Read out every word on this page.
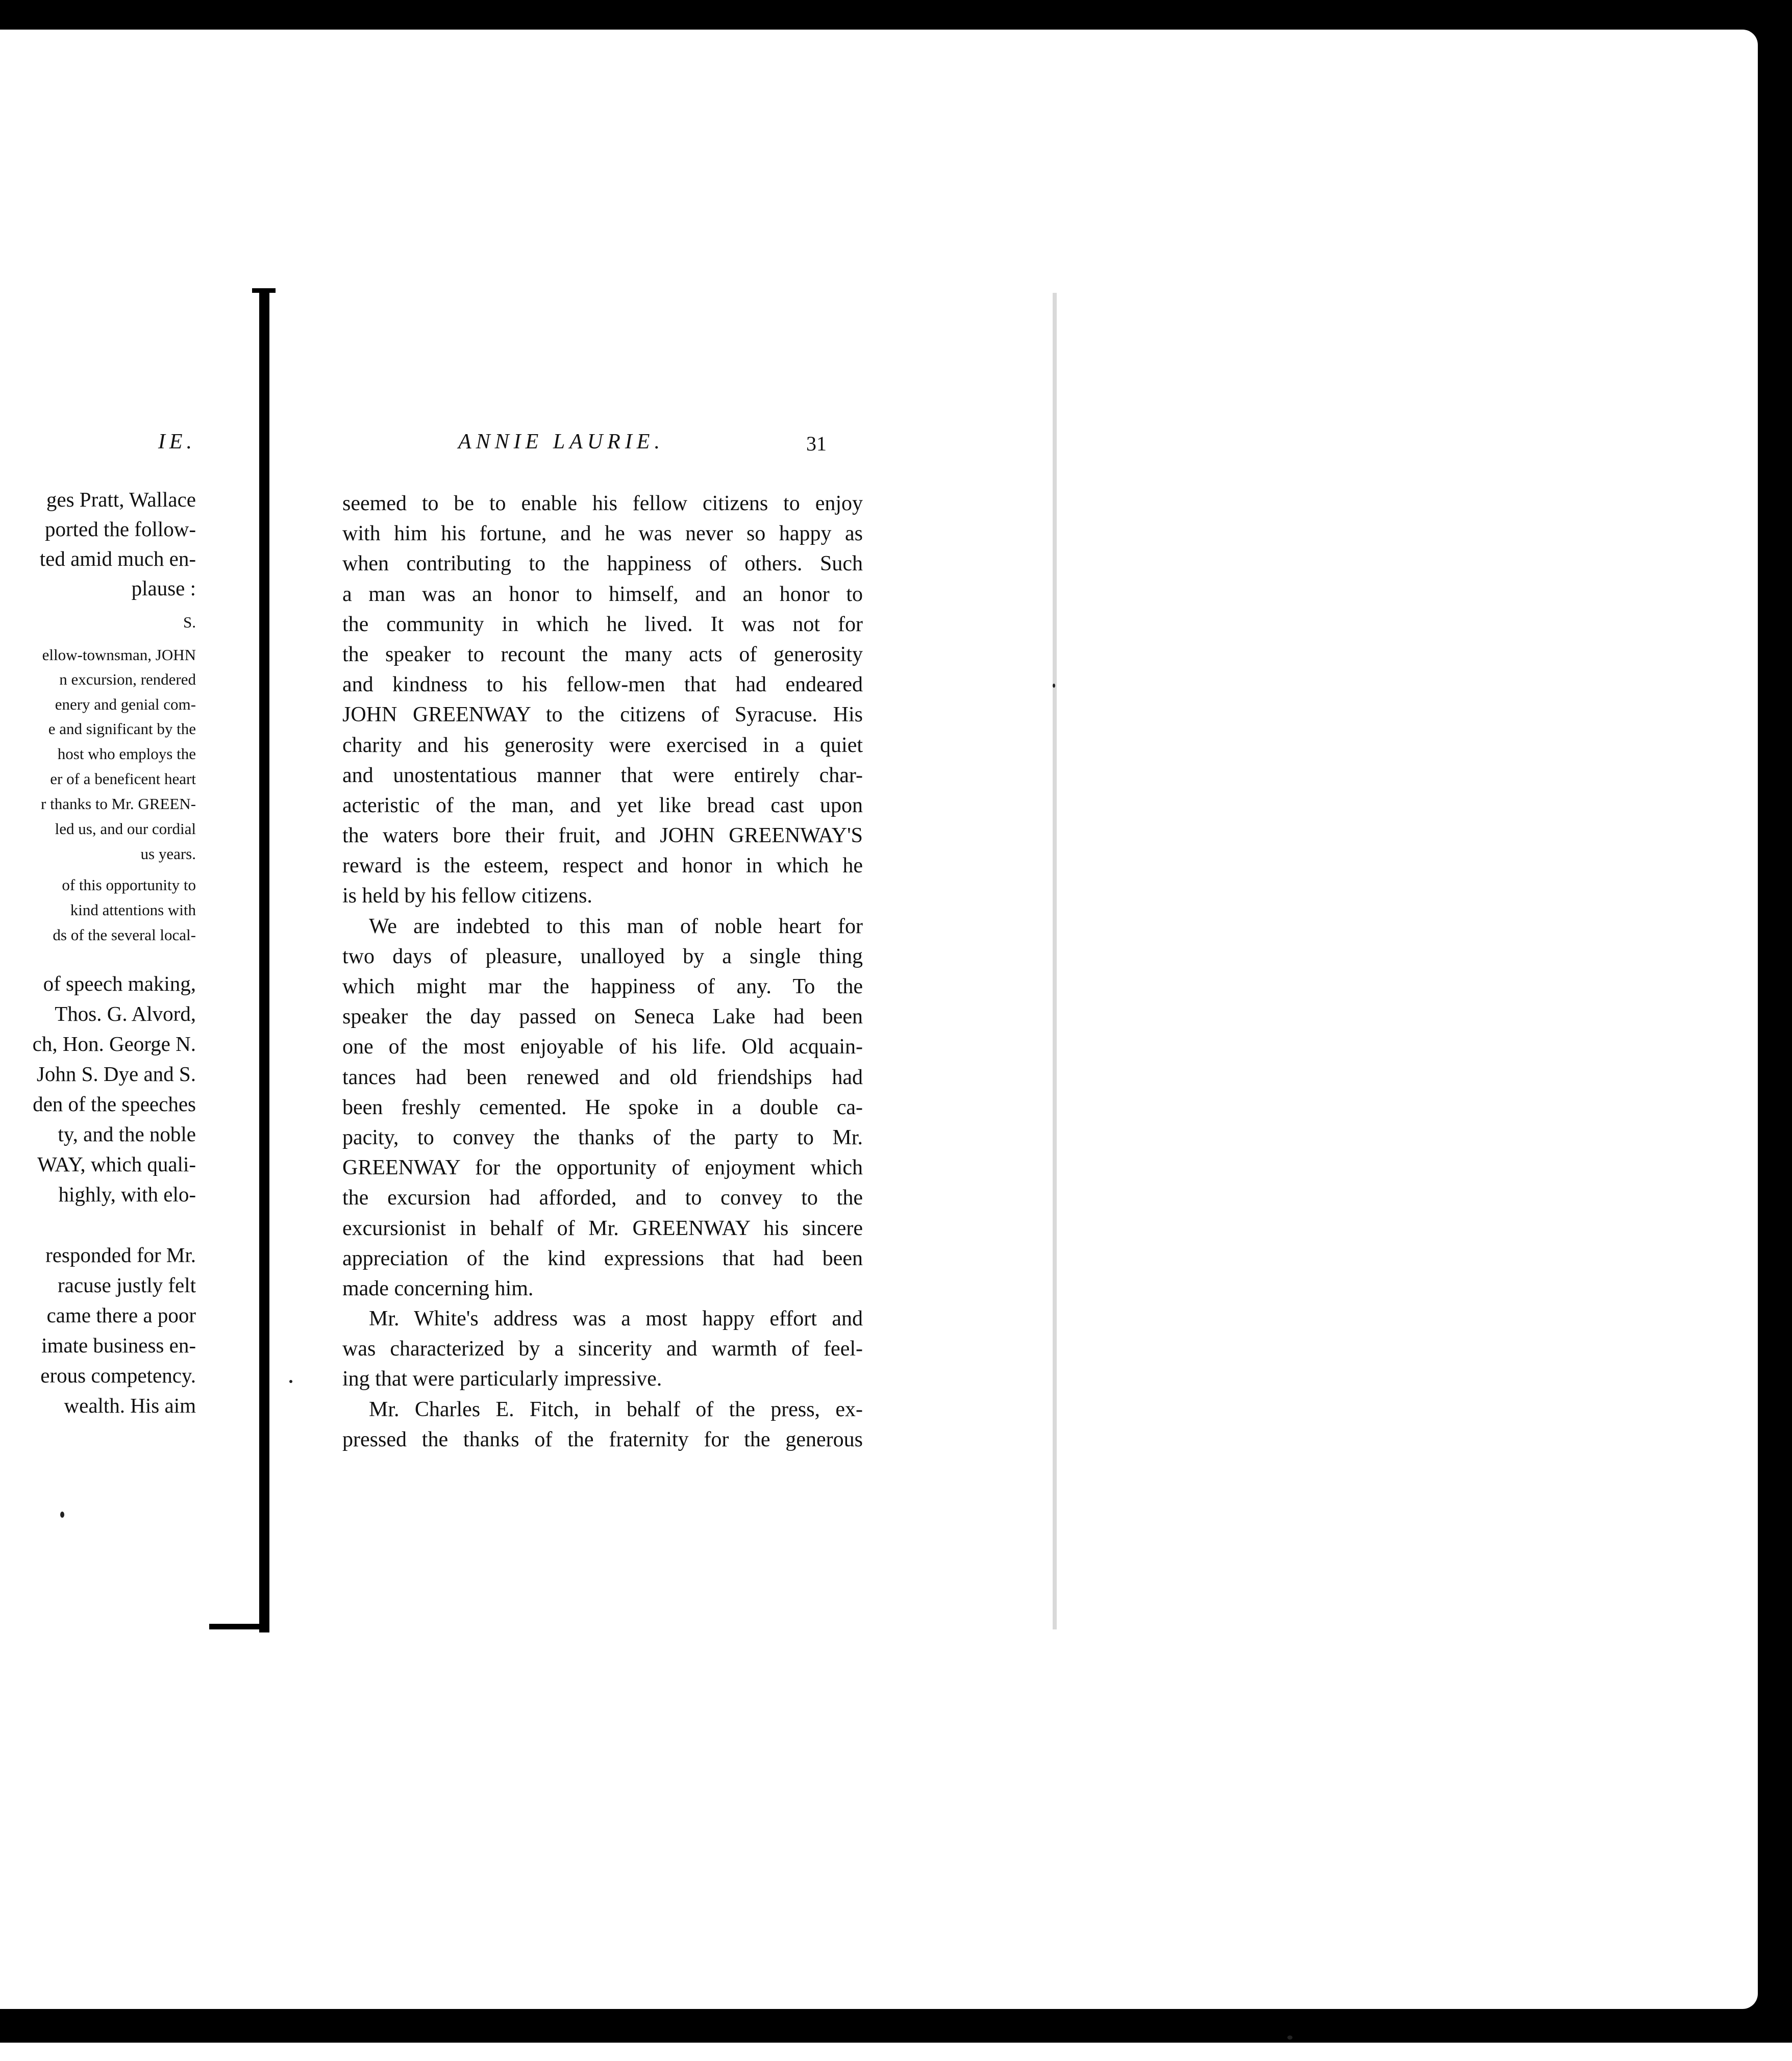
IE.
ges Pratt, Wallace
ported the follow-
ted amid much en-
plause :
S.
ellow-townsman, JOHN
n excursion, rendered
enery and genial com-
e and significant by the
host who employs the
er of a beneficent heart
r thanks to Mr. GREEN-
led us, and our cordial
us years.
of this opportunity to
kind attentions with
ds of the several local-
of speech making,
Thos. G. Alvord,
ch, Hon. George N.
John S. Dye and S.
den of the speeches
ty, and the noble
WAY, which quali-
highly, with elo-
responded for Mr.
racuse justly felt
came there a poor
imate business en-
erous competency.
wealth. His aim
ANNIE LAURIE.	31
seemed to be to enable his fellow citizens to enjoy
with him his fortune, and he was never so happy as
when contributing to the happiness of others. Such
a man was an honor to himself, and an honor to
the community in which he lived. It was not for
the speaker to recount the many acts of generosity
and kindness to his fellow-men that had endeared
JOHN GREENWAY to the citizens of Syracuse. His
charity and his generosity were exercised in a quiet
and unostentatious manner that were entirely char-
acteristic of the man, and yet like bread cast upon
the waters bore their fruit, and JOHN GREENWAY'S
reward is the esteem, respect and honor in which he
is held by his fellow citizens.
We are indebted to this man of noble heart for
two days of pleasure, unalloyed by a single thing
which might mar the happiness of any. To the
speaker the day passed on Seneca Lake had been
one of the most enjoyable of his life. Old acquain-
tances had been renewed and old friendships had
been freshly cemented. He spoke in a double ca-
pacity, to convey the thanks of the party to Mr.
GREENWAY for the opportunity of enjoyment which
the excursion had afforded, and to convey to the
excursionist in behalf of Mr. GREENWAY his sincere
appreciation of the kind expressions that had been
made concerning him.
Mr. White's address was a most happy effort and
was characterized by a sincerity and warmth of feel-
ing that were particularly impressive.
Mr. Charles E. Fitch, in behalf of the press, ex-
pressed the thanks of the fraternity for the generous
